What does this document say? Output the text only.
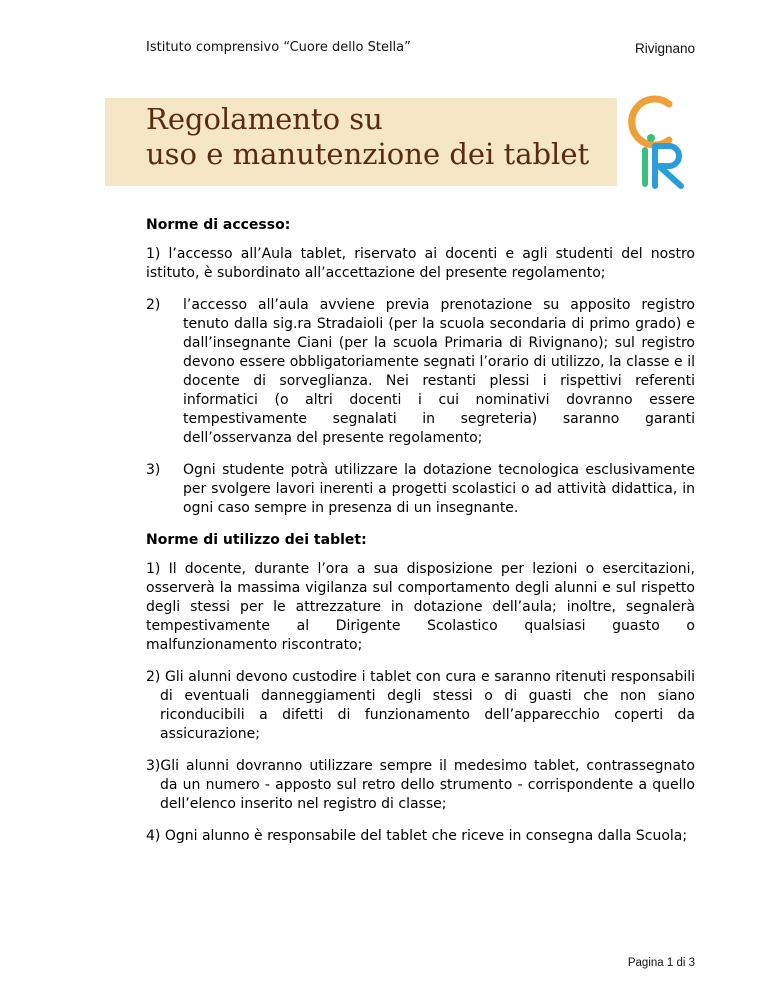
Istituto comprensivo “Cuore dello Stella”	Rivignano
Regolamento su
uso e manutenzione dei tablet
Norme di accesso:
1) l’accesso all’Aula tablet, riservato ai docenti e agli studenti del nostro istituto, è subordinato all’accettazione del presente regolamento;
2) l’accesso all’aula avviene previa prenotazione su apposito registro tenuto dalla sig.ra Stradaioli (per la scuola secondaria di primo grado) e dall’insegnante Ciani (per la scuola Primaria di Rivignano); sul registro devono essere obbligatoriamente segnati l’orario di utilizzo, la classe e il docente di sorveglianza. Nei restanti plessi i rispettivi referenti informatici (o altri docenti i cui nominativi dovranno essere tempestivamente segnalati in segreteria) saranno garanti dell’osservanza del presente regolamento;
3) Ogni studente potrà utilizzare la dotazione tecnologica esclusivamente per svolgere lavori inerenti a progetti scolastici o ad attività didattica, in ogni caso sempre in presenza di un insegnante.
Norme di utilizzo dei tablet:
1) Il docente, durante l’ora a sua disposizione per lezioni o esercitazioni, osserverà la massima vigilanza sul comportamento degli alunni e sul rispetto degli stessi per le attrezzature in dotazione dell’aula; inoltre, segnalerà tempestivamente al Dirigente Scolastico qualsiasi guasto o malfunzionamento riscontrato;
2) Gli alunni devono custodire i tablet con cura e saranno ritenuti responsabili di eventuali danneggiamenti degli stessi o di guasti che non siano riconducibili a difetti di funzionamento dell’apparecchio coperti da assicurazione;
3)Gli alunni dovranno utilizzare sempre il medesimo tablet, contrassegnato da un numero - apposto sul retro dello strumento - corrispondente a quello dell’elenco inserito nel registro di classe;
4) Ogni alunno è responsabile del tablet che riceve in consegna dalla Scuola;
Pagina 1 di 3
